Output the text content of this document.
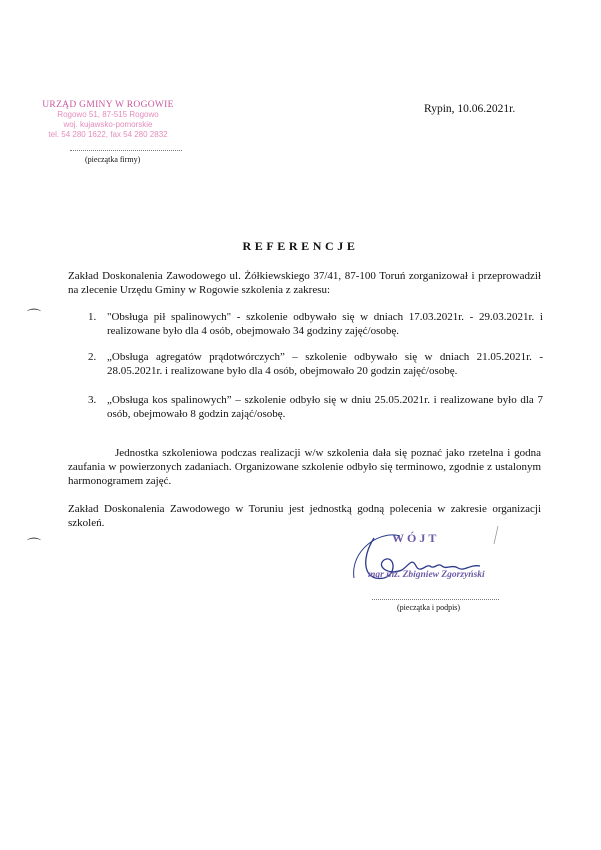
⌒
⌒
URZĄD GMINY W ROGOWIE
Rogowo 51, 87-515 Rogowo
woj. kujawsko-pomorskie
tel. 54 280 1622, fax 54 280 2832
(pieczątka firmy)
Rypin, 10.06.2021r.
REFERENCJE
Zakład Doskonalenia Zawodowego ul. Żółkiewskiego 37/41, 87-100 Toruń zorganizował i przeprowadził na zlecenie Urzędu Gminy w Rogowie szkolenia z zakresu:
1. "Obsługa pił spalinowych" - szkolenie odbywało się w dniach 17.03.2021r. - 29.03.2021r. i realizowane było dla 4 osób, obejmowało 34 godziny zajęć/osobę.
2. „Obsługa agregatów prądotwórczych” – szkolenie odbywało się w dniach 21.05.2021r. - 28.05.2021r. i realizowane było dla 4 osób, obejmowało 20 godzin zajęć/osobę.
3. „Obsługa kos spalinowych” – szkolenie odbyło się w dniu 25.05.2021r. i realizowane było dla 7 osób, obejmowało 8 godzin zająć/osobę.
Jednostka szkoleniowa podczas realizacji w/w szkolenia dała się poznać jako rzetelna i godna zaufania w powierzonych zadaniach. Organizowane szkolenie odbyło się terminowo, zgodnie z ustalonym harmonogramem zajęć.
Zakład Doskonalenia Zawodowego w Toruniu jest jednostką godną polecenia w zakresie organizacji szkoleń.
WÓJT
mgr inż. Zbigniew Zgorzyński
(pieczątka i podpis)
